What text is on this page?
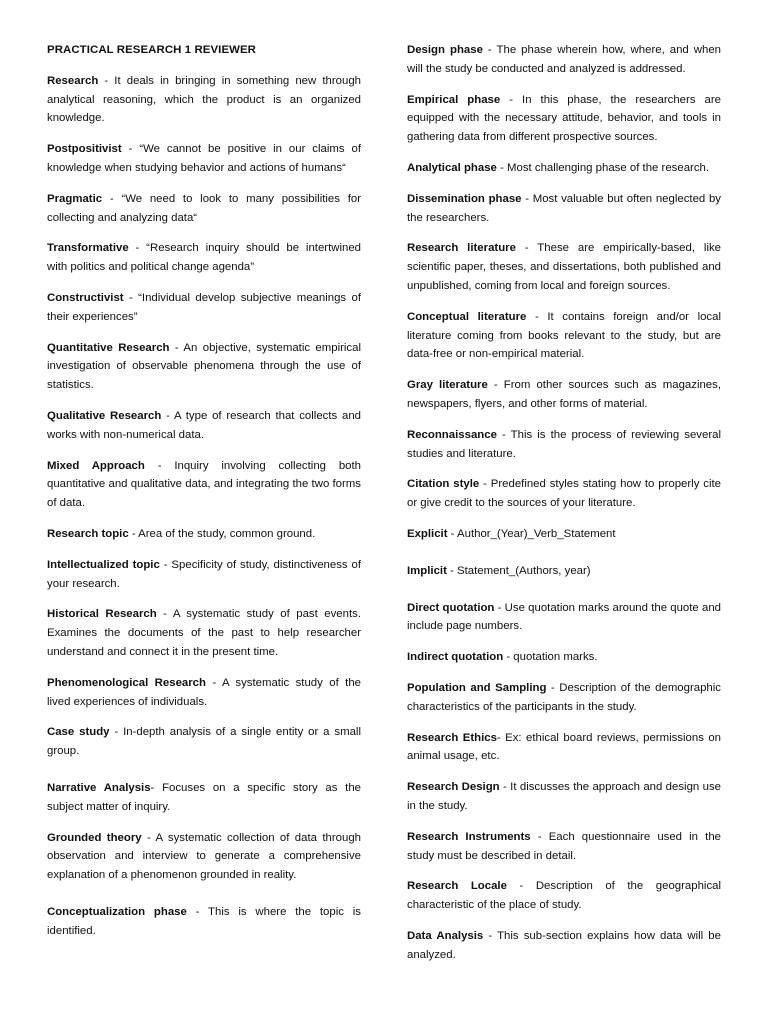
PRACTICAL RESEARCH 1 REVIEWER

Research - It deals in bringing in something new through analytical reasoning, which the product is an organized knowledge.

Postpositivist - “We cannot be positive in our claims of knowledge when studying behavior and actions of humans“

Pragmatic - “We need to look to many possibilities for collecting and analyzing data“

Transformative - “Research inquiry should be intertwined with politics and political change agenda”

Constructivist - “Individual develop subjective meanings of their experiences”

Quantitative Research - An objective, systematic empirical investigation of observable phenomena through the use of statistics.

Qualitative Research - A type of research that collects and works with non-numerical data.

Mixed Approach - Inquiry involving collecting both quantitative and qualitative data, and integrating the two forms of data.

Research topic - Area of the study, common ground.

Intellectualized topic - Specificity of study, distinctiveness of your research.

Historical Research - A systematic study of past events. Examines the documents of the past to help researcher understand and connect it in the present time.

Phenomenological Research - A systematic study of the lived experiences of individuals.

Case study - In-depth analysis of a single entity or a small group.

Narrative Analysis- Focuses on a specific story as the subject matter of inquiry.

Grounded theory - A systematic collection of data through observation and interview to generate a comprehensive explanation of a phenomenon grounded in reality.

Conceptualization phase - This is where the topic is identified.

Design phase - The phase wherein how, where, and when will the study be conducted and analyzed is addressed.

Empirical phase - In this phase, the researchers are equipped with the necessary attitude, behavior, and tools in gathering data from different prospective sources.

Analytical phase - Most challenging phase of the research.

Dissemination phase - Most valuable but often neglected by the researchers.

Research literature - These are empirically-based, like scientific paper, theses, and dissertations, both published and unpublished, coming from local and foreign sources.

Conceptual literature - It contains foreign and/or local literature coming from books relevant to the study, but are data-free or non-empirical material.

Gray literature - From other sources such as magazines, newspapers, flyers, and other forms of material.

Reconnaissance - This is the process of reviewing several studies and literature.

Citation style - Predefined styles stating how to properly cite or give credit to the sources of your literature.

Explicit - Author_(Year)_Verb_Statement

Implicit - Statement_(Authors, year)

Direct quotation - Use quotation marks around the quote and include page numbers.

Indirect quotation - quotation marks.

Population and Sampling - Description of the demographic characteristics of the participants in the study.

Research Ethics- Ex: ethical board reviews, permissions on animal usage, etc.

Research Design - It discusses the approach and design use in the study.

Research Instruments - Each questionnaire used in the study must be described in detail.

Research Locale - Description of the geographical characteristic of the place of study.

Data Analysis - This sub-section explains how data will be analyzed.
